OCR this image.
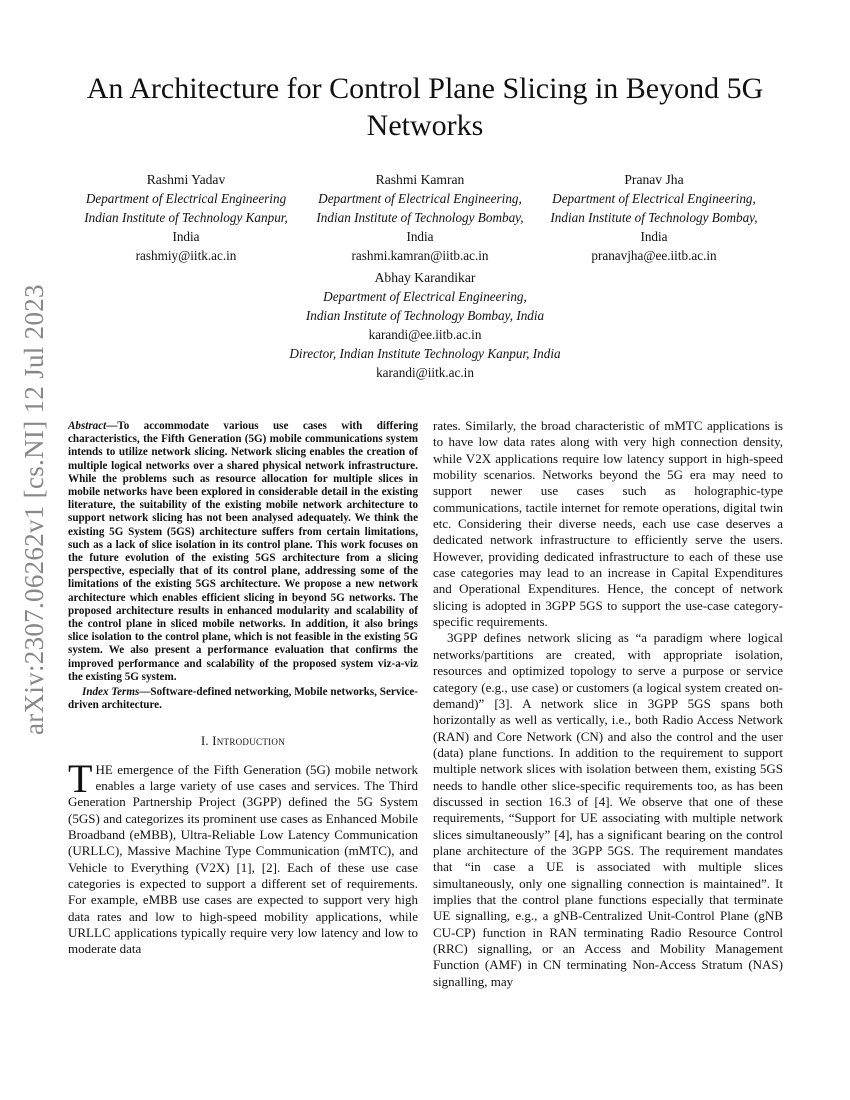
arXiv:2307.06262v1 [cs.NI] 12 Jul 2023
An Architecture for Control Plane Slicing in Beyond 5G Networks
Rashmi Yadav
Department of Electrical Engineering
Indian Institute of Technology Kanpur,
India
rashmiy@iitk.ac.in
Rashmi Kamran
Department of Electrical Engineering,
Indian Institute of Technology Bombay,
India
rashmi.kamran@iitb.ac.in
Pranav Jha
Department of Electrical Engineering,
Indian Institute of Technology Bombay,
India
pranavjha@ee.iitb.ac.in
Abhay Karandikar
Department of Electrical Engineering,
Indian Institute of Technology Bombay, India
karandi@ee.iitb.ac.in
Director, Indian Institute Technology Kanpur, India
karandi@iitk.ac.in

Abstract—To accommodate various use cases with differing characteristics, the Fifth Generation (5G) mobile communications system intends to utilize network slicing. Network slicing enables the creation of multiple logical networks over a shared physical network infrastructure. While the problems such as resource allocation for multiple slices in mobile networks have been explored in considerable detail in the existing literature, the suitability of the existing mobile network architecture to support network slicing has not been analysed adequately. We think the existing 5G System (5GS) architecture suffers from certain limitations, such as a lack of slice isolation in its control plane. This work focuses on the future evolution of the existing 5GS architecture from a slicing perspective, especially that of its control plane, addressing some of the limitations of the existing 5GS architecture. We propose a new network architecture which enables efficient slicing in beyond 5G networks. The proposed architecture results in enhanced modularity and scalability of the control plane in sliced mobile networks. In addition, it also brings slice isolation to the control plane, which is not feasible in the existing 5G system. We also present a performance evaluation that confirms the improved performance and scalability of the proposed system viz-a-viz the existing 5G system.

Index Terms—Software-defined networking, Mobile networks, Service-driven architecture.

I. Introduction

THE emergence of the Fifth Generation (5G) mobile network enables a large variety of use cases and services. The Third Generation Partnership Project (3GPP) defined the 5G System (5GS) and categorizes its prominent use cases as Enhanced Mobile Broadband (eMBB), Ultra-Reliable Low Latency Communication (URLLC), Massive Machine Type Communication (mMTC), and Vehicle to Everything (V2X) [1], [2]. Each of these use case categories is expected to support a different set of requirements. For example, eMBB use cases are expected to support very high data rates and low to high-speed mobility applications, while URLLC applications typically require very low latency and low to moderate data

rates. Similarly, the broad characteristic of mMTC applications is to have low data rates along with very high connection density, while V2X applications require low latency support in high-speed mobility scenarios. Networks beyond the 5G era may need to support newer use cases such as holographic-type communications, tactile internet for remote operations, digital twin etc. Considering their diverse needs, each use case deserves a dedicated network infrastructure to efficiently serve the users. However, providing dedicated infrastructure to each of these use case categories may lead to an increase in Capital Expenditures and Operational Expenditures. Hence, the concept of network slicing is adopted in 3GPP 5GS to support the use-case category-specific requirements.

3GPP defines network slicing as “a paradigm where logical networks/partitions are created, with appropriate isolation, resources and optimized topology to serve a purpose or service category (e.g., use case) or customers (a logical system created on-demand)” [3]. A network slice in 3GPP 5GS spans both horizontally as well as vertically, i.e., both Radio Access Network (RAN) and Core Network (CN) and also the control and the user (data) plane functions. In addition to the requirement to support multiple network slices with isolation between them, existing 5GS needs to handle other slice-specific requirements too, as has been discussed in section 16.3 of [4]. We observe that one of these requirements, “Support for UE associating with multiple network slices simultaneously” [4], has a significant bearing on the control plane architecture of the 3GPP 5GS. The requirement mandates that “in case a UE is associated with multiple slices simultaneously, only one signalling connection is maintained”. It implies that the control plane functions especially that terminate UE signalling, e.g., a gNB-Centralized Unit-Control Plane (gNB CU-CP) function in RAN terminating Radio Resource Control (RRC) signalling, or an Access and Mobility Management Function (AMF) in CN terminating Non-Access Stratum (NAS) signalling, may
